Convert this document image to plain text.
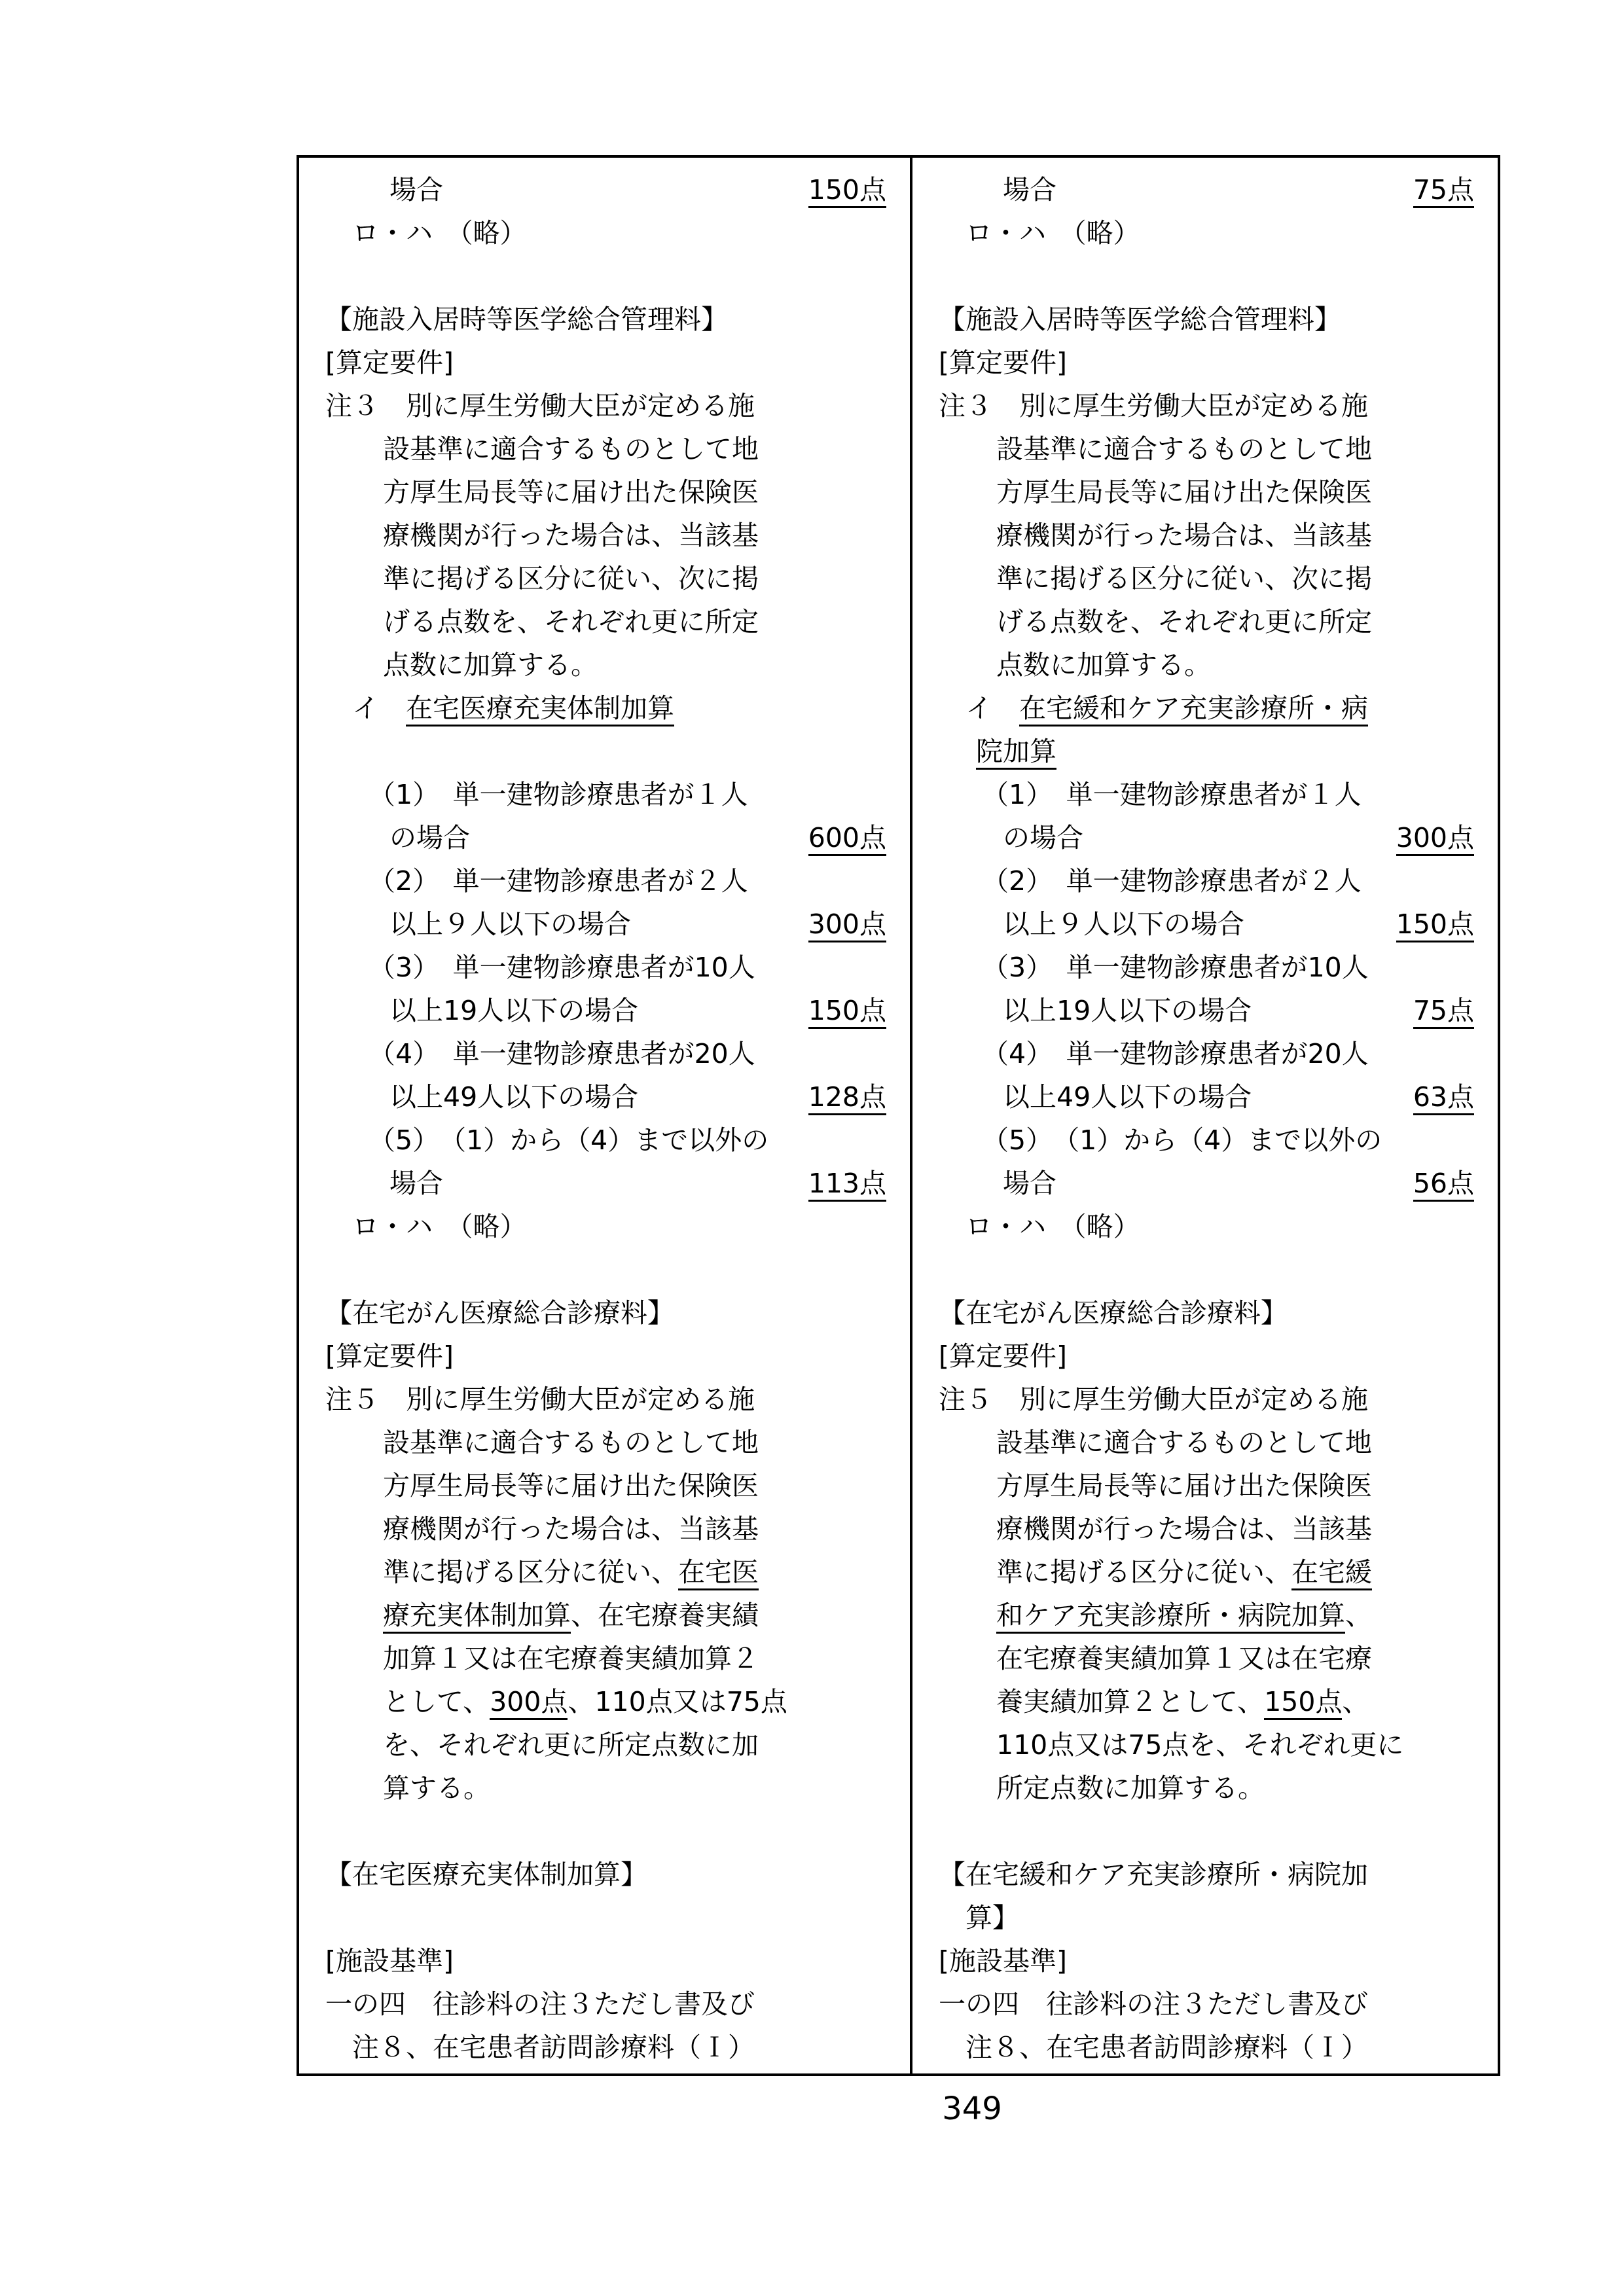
場合	150点
ロ・ハ　（略）
【施設入居時等医学総合管理料】
[算定要件]
注３　別に厚生労働大臣が定める施
設基準に適合するものとして地
方厚生局長等に届け出た保険医
療機関が行った場合は、当該基
準に掲げる区分に従い、次に掲
げる点数を、それぞれ更に所定
点数に加算する。
イ　在宅医療充実体制加算
（1）　単一建物診療患者が１人
の場合	600点
（2）　単一建物診療患者が２人
以上９人以下の場合	300点
（3）　単一建物診療患者が10人
以上19人以下の場合	150点
（4）　単一建物診療患者が20人
以上49人以下の場合	128点
（5）　（1）から（4）まで以外の
場合	113点
ロ・ハ　（略）
【在宅がん医療総合診療料】
[算定要件]
注５　別に厚生労働大臣が定める施
設基準に適合するものとして地
方厚生局長等に届け出た保険医
療機関が行った場合は、当該基
準に掲げる区分に従い、在宅医
療充実体制加算、在宅療養実績
加算１又は在宅療養実績加算２
として、300点、110点又は75点
を、それぞれ更に所定点数に加
算する。
【在宅医療充実体制加算】
[施設基準]
一の四　往診料の注３ただし書及び
注８、在宅患者訪問診療料（Ｉ）
場合	75点
ロ・ハ　（略）
【施設入居時等医学総合管理料】
[算定要件]
注３　別に厚生労働大臣が定める施
設基準に適合するものとして地
方厚生局長等に届け出た保険医
療機関が行った場合は、当該基
準に掲げる区分に従い、次に掲
げる点数を、それぞれ更に所定
点数に加算する。
イ　在宅緩和ケア充実診療所・病
院加算
（1）　単一建物診療患者が１人
の場合	300点
（2）　単一建物診療患者が２人
以上９人以下の場合	150点
（3）　単一建物診療患者が10人
以上19人以下の場合	75点
（4）　単一建物診療患者が20人
以上49人以下の場合	63点
（5）　（1）から（4）まで以外の
場合	56点
ロ・ハ　（略）
【在宅がん医療総合診療料】
[算定要件]
注５　別に厚生労働大臣が定める施
設基準に適合するものとして地
方厚生局長等に届け出た保険医
療機関が行った場合は、当該基
準に掲げる区分に従い、在宅緩
和ケア充実診療所・病院加算、
在宅療養実績加算１又は在宅療
養実績加算２として、150点、
110点又は75点を、それぞれ更に
所定点数に加算する。
【在宅緩和ケア充実診療所・病院加
算】
[施設基準]
一の四　往診料の注３ただし書及び
注８、在宅患者訪問診療料（Ｉ）
349
